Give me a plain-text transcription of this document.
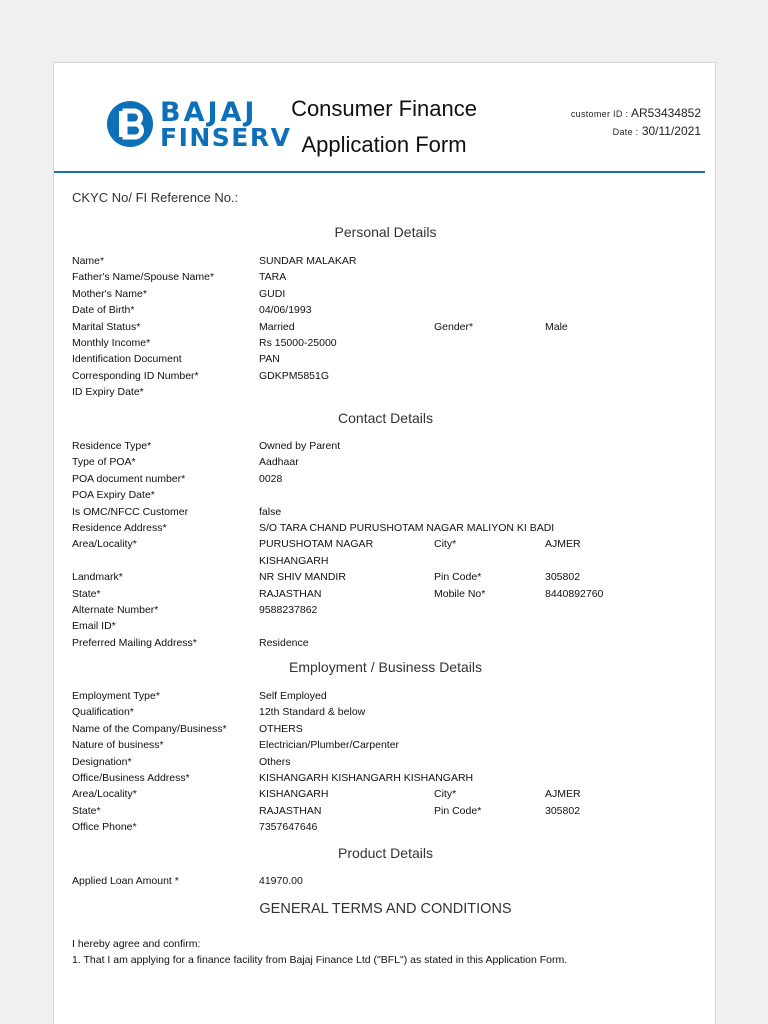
BAJAJ
FINSERV
Consumer Finance
Application Form
customer ID : AR53434852
Date : 30/11/2021
CKYC No/ FI Reference No.:
Personal Details
Name*	SUNDAR MALAKAR
Father's Name/Spouse Name*	TARA
Mother's Name*	GUDI
Date of Birth*	04/06/1993
Marital Status*	Married	Gender*	Male
Monthly Income*	Rs 15000-25000
Identification Document	PAN
Corresponding ID Number*	GDKPM5851G
ID Expiry Date*
Contact Details
Residence Type*	Owned by Parent
Type of POA*	Aadhaar
POA document number*	0028
POA Expiry Date*
Is OMC/NFCC Customer	false
Residence Address*	S/O TARA CHAND PURUSHOTAM NAGAR MALIYON KI BADI
Area/Locality*	PURUSHOTAM NAGAR	City*	AJMER
KISHANGARH
Landmark*	NR SHIV MANDIR	Pin Code*	305802
State*	RAJASTHAN	Mobile No*	8440892760
Alternate Number*	9588237862
Email ID*
Preferred Mailing Address*	Residence
Employment / Business Details
Employment Type*	Self Employed
Qualification*	12th Standard & below
Name of the Company/Business*	OTHERS
Nature of business*	Electrician/Plumber/Carpenter
Designation*	Others
Office/Business Address*	KISHANGARH KISHANGARH KISHANGARH
Area/Locality*	KISHANGARH	City*	AJMER
State*	RAJASTHAN	Pin Code*	305802
Office Phone*	7357647646
Product Details
Applied Loan Amount *	41970.00
GENERAL TERMS AND CONDITIONS
I hereby agree and confirm:
1. That I am applying for a finance facility from Bajaj Finance Ltd ("BFL") as stated in this Application Form.
